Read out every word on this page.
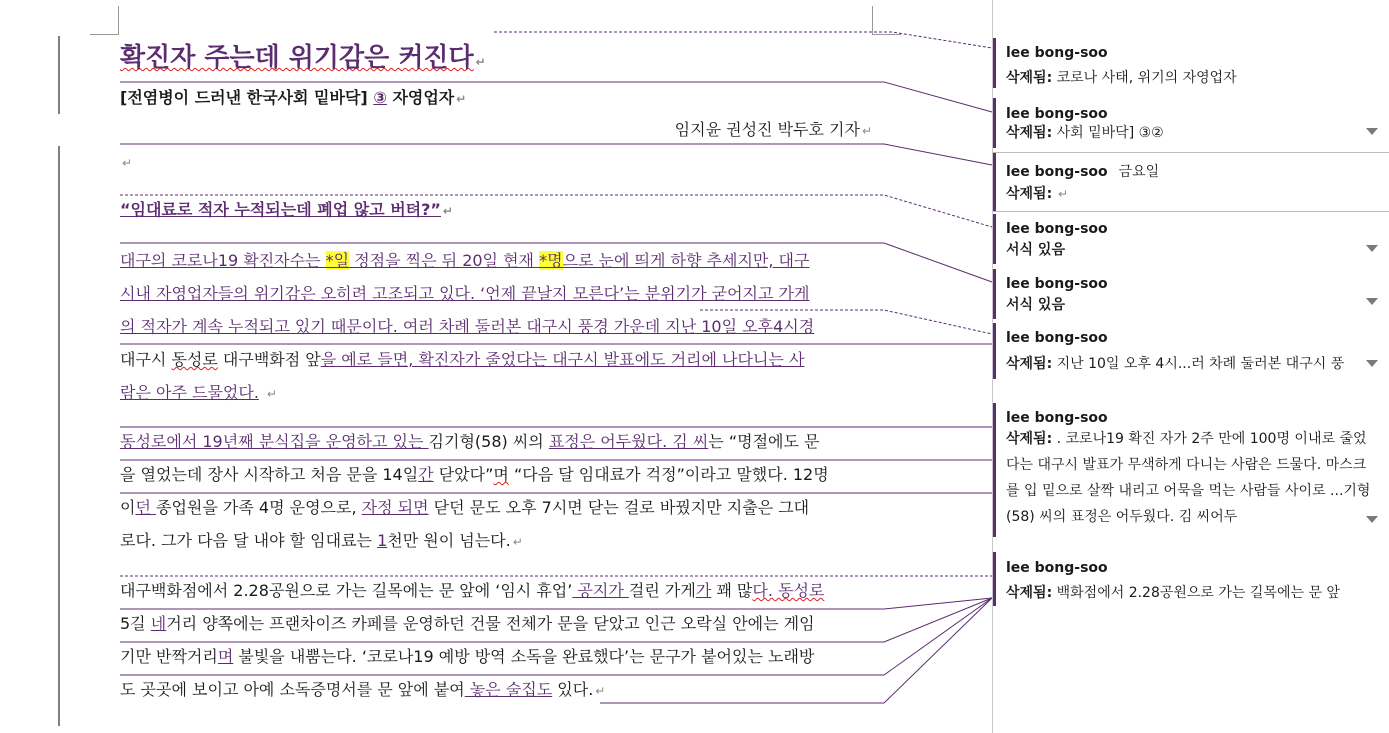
확진자 주는데 위기감은 커진다 ↵
[전염병이 드러낸 한국사회 밑바닥] ③ 자영업자 ↵
임지윤 권성진 박두호 기자 ↵
↵
“임대료로 적자 누적되는데 폐업 않고 버텨?” ↵
대구의 코로나19 확진자수는 *일 정점을 찍은 뒤 20일 현재 *명으로 눈에 띄게 하향 추세지만, 대구
시내 자영업자들의 위기감은 오히려 고조되고 있다. ‘언제 끝날지 모른다’는 분위기가 굳어지고 가게
의 적자가 계속 누적되고 있기 때문이다. 여러 차례 둘러본 대구시 풍경 가운데 지난 10일 오후4시경
대구시 동성로 대구백화점 앞을 예로 들면, 확진자가 줄었다는 대구시 발표에도 거리에 나다니는 사
람은 아주 드물었다. ↵
동성로에서 19년째 분식집을 운영하고 있는 김기형(58) 씨의 표정은 어두웠다. 김 씨는 “명절에도 문
을 열었는데 장사 시작하고 처음 문을 14일간 닫았다”며 “다음 달 임대료가 걱정”이라고 말했다. 12명
이던 종업원을 가족 4명 운영으로, 자정 되면 닫던 문도 오후 7시면 닫는 걸로 바꿨지만 지출은 그대
로다. 그가 다음 달 내야 할 임대료는 1천만 원이 넘는다. ↵
대구백화점에서 2.28공원으로 가는 길목에는 문 앞에 ‘임시 휴업’ 공지가 걸린 가게가 꽤 많다. 동성로
5길 네거리 양쪽에는 프랜차이즈 카페를 운영하던 건물 전체가 문을 닫았고 인근 오락실 안에는 게임
기만 반짝거리며 불빛을 내뿜는다. ‘코로나19 예방 방역 소독을 완료했다’는 문구가 붙어있는 노래방
도 곳곳에 보이고 아예 소독증명서를 문 앞에 붙여 놓은 술집도 있다. ↵
lee bong-soo
삭제됨: 코로나 사태, 위기의 자영업자
lee bong-soo
삭제됨: 사회 밑바닥] ③②
lee bong-soo 금요일
삭제됨: ↵
lee bong-soo
서식 있음
lee bong-soo
서식 있음
lee bong-soo
삭제됨: 지난 10일 오후 4시...러 차례 둘러본 대구시 풍
lee bong-soo
삭제됨: . 코로나19 확진 자가 2주 만에 100명 이내로 줄었다는 대구시 발표가 무색하게 다니는 사람은 드물다. 마스크를 입 밑으로 살짝 내리고 어묵을 먹는 사람들 사이로 ...기형(58) 씨의 표정은 어두웠다. 김 씨어두
lee bong-soo
삭제됨: 백화점에서 2.28공원으로 가는 길목에는 문 앞
